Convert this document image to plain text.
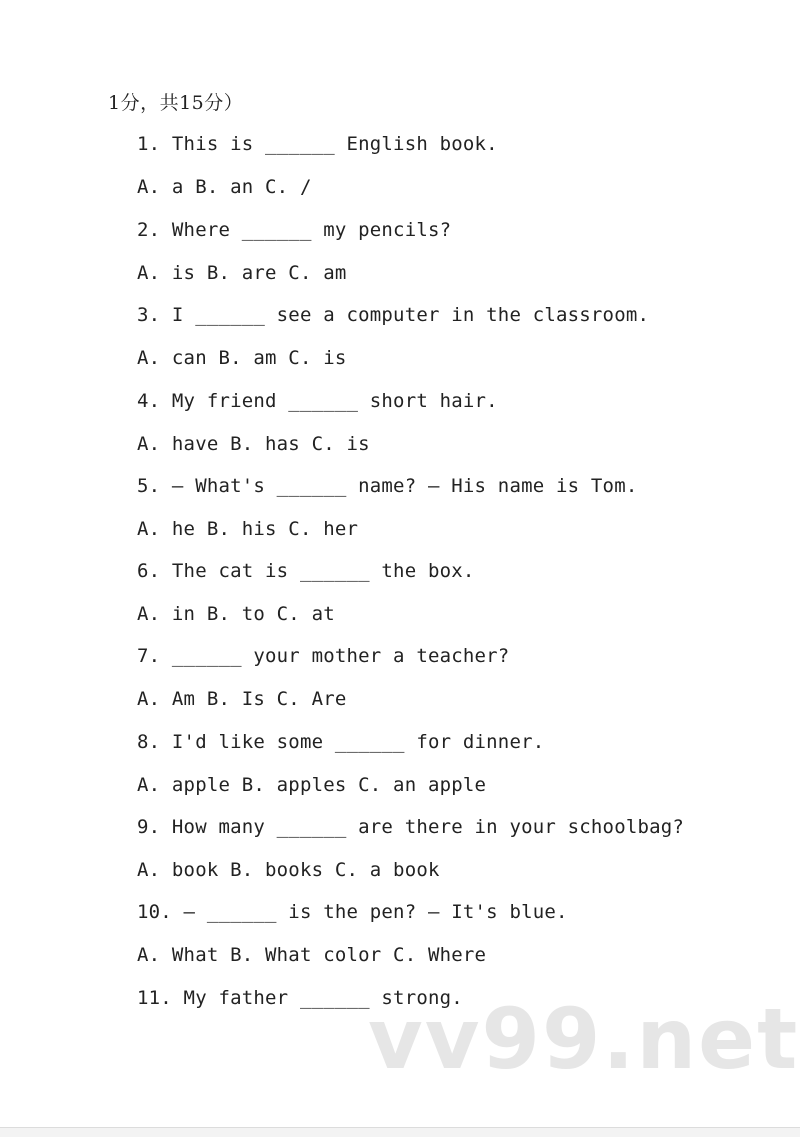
1分，共15分）
1. This is ______ English book.
A. a B. an C. /
2. Where ______ my pencils?
A. is B. are C. am
3. I ______ see a computer in the classroom.
A. can B. am C. is
4. My friend ______ short hair.
A. have B. has C. is
5. — What's ______ name? — His name is Tom.
A. he B. his C. her
6. The cat is ______ the box.
A. in B. to C. at
7. ______ your mother a teacher?
A. Am B. Is C. Are
8. I'd like some ______ for dinner.
A. apple B. apples C. an apple
9. How many ______ are there in your schoolbag?
A. book B. books C. a book
10. — ______ is the pen? — It's blue.
A. What B. What color C. Where
11. My father ______ strong.
vv99.net
